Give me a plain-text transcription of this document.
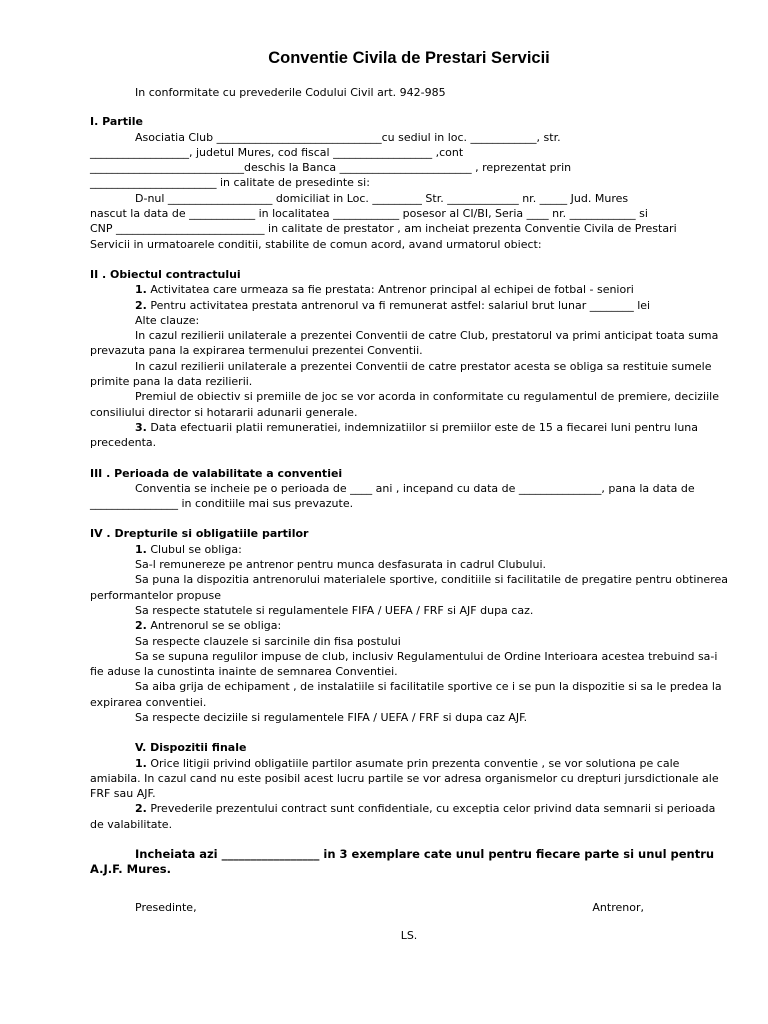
Conventie Civila de Prestari Servicii

In conformitate cu prevederile Codului Civil art. 942-985

I. Partile

Asociatia Club ______________________________cu sediul in loc. ____________, str.

__________________, judetul Mures, cod fiscal __________________ ,cont

____________________________deschis la Banca ________________________ , reprezentat prin

_______________________ in calitate de presedinte si:

D-nul ___________________ domiciliat in Loc. _________ Str. _____________ nr. _____ Jud. Mures

nascut la data de ____________ in localitatea ____________ posesor al CI/BI, Seria ____ nr. ____________ si

CNP ___________________________ in calitate de prestator , am incheiat prezenta Conventie Civila de Prestari

Servicii in urmatoarele conditii, stabilite de comun acord, avand urmatorul obiect:

II . Obiectul contractului

1. Activitatea care urmeaza sa fie prestata: Antrenor principal al echipei de fotbal - seniori

2. Pentru activitatea prestata antrenorul va fi remunerat astfel: salariul brut lunar ________ lei

Alte clauze:

In cazul rezilierii unilaterale a prezentei Conventii de catre Club, prestatorul va primi anticipat toata suma prevazuta pana la expirarea termenului prezentei Conventii.

In cazul rezilierii unilaterale a prezentei Conventii de catre prestator acesta se obliga sa restituie sumele primite pana la data rezilierii.

Premiul de obiectiv si premiile de joc se vor acorda in conformitate cu regulamentul de premiere, deciziile consiliului director si hotararii adunarii generale.

3. Data efectuarii platii remuneratiei, indemnizatiilor si premiilor este de 15 a fiecarei luni pentru luna precedenta.

III . Perioada de valabilitate a conventiei

Conventia se incheie pe o perioada de ____ ani , incepand cu data de _______________, pana la data de ________________ in conditiile mai sus prevazute.

IV . Drepturile si obligatiile partilor

1. Clubul se obliga:

Sa-l remunereze pe antrenor pentru munca desfasurata in cadrul Clubului.

Sa puna la dispozitia antrenorului materialele sportive, conditiile si facilitatile de pregatire pentru obtinerea performantelor propuse

Sa respecte statutele si regulamentele FIFA / UEFA / FRF si AJF dupa caz.

2. Antrenorul se se obliga:

Sa respecte clauzele si sarcinile din fisa postului

Sa se supuna regulilor impuse de club, inclusiv Regulamentului de Ordine Interioara acestea trebuind sa-i fie aduse la cunostinta inainte de semnarea Conventiei.

Sa aiba grija de echipament , de instalatiile si facilitatile sportive ce i se pun la dispozitie si sa le predea la expirarea conventiei.

Sa respecte deciziile si regulamentele FIFA / UEFA / FRF si dupa caz AJF.

V. Dispozitii finale

1. Orice litigii privind obligatiile partilor asumate prin prezenta conventie , se vor solutiona pe cale amiabila. In cazul cand nu este posibil acest lucru partile se vor adresa organismelor cu drepturi jursdictionale ale FRF sau AJF.

2. Prevederile prezentului contract sunt confidentiale, cu exceptia celor privind data semnarii si perioada de valabilitate.

Incheiata azi _________________ in 3 exemplare cate unul pentru fiecare parte si unul pentru A.J.F. Mures.

Presedinte,	Antrenor,

LS.
